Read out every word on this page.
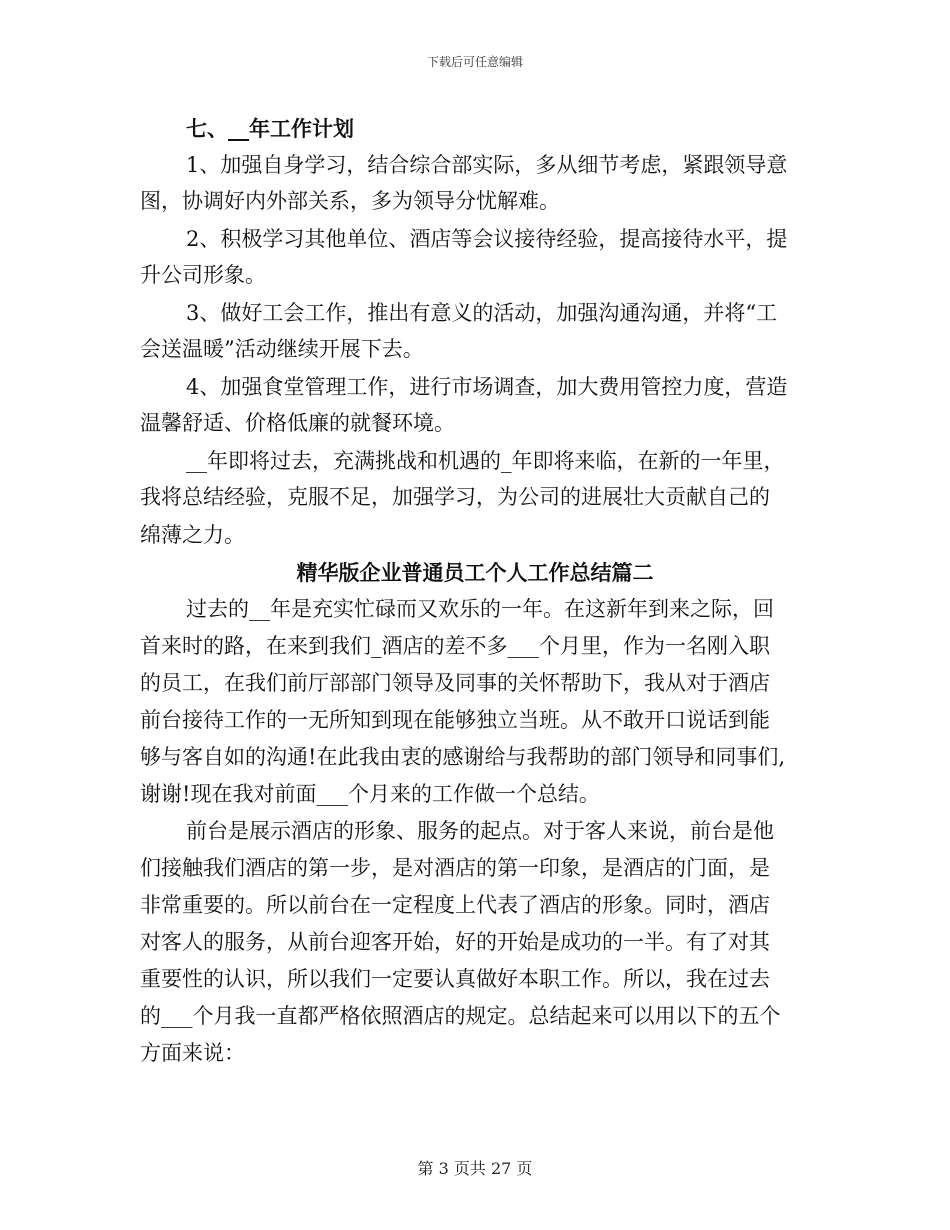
下载后可任意编辑
七、__年工作计划
1、加强自身学习，结合综合部实际，多从细节考虑，紧跟领导意
图，协调好内外部关系，多为领导分忧解难。
2、积极学习其他单位、酒店等会议接待经验，提高接待水平，提
升公司形象。
3、做好工会工作，推出有意义的活动，加强沟通沟通，并将“工
会送温暖”活动继续开展下去。
4、加强食堂管理工作，进行市场调查，加大费用管控力度，营造
温馨舒适、价格低廉的就餐环境。
__年即将过去，充满挑战和机遇的_年即将来临，在新的一年里，
我将总结经验，克服不足，加强学习，为公司的进展壮大贡献自己的
绵薄之力。
精华版企业普通员工个人工作总结篇二
过去的__年是充实忙碌而又欢乐的一年。在这新年到来之际，回
首来时的路，在来到我们_酒店的差不多___个月里，作为一名刚入职
的员工，在我们前厅部部门领导及同事的关怀帮助下，我从对于酒店
前台接待工作的一无所知到现在能够独立当班。从不敢开口说话到能
够与客自如的沟通!在此我由衷的感谢给与我帮助的部门领导和同事们,
谢谢!现在我对前面___个月来的工作做一个总结。
前台是展示酒店的形象、服务的起点。对于客人来说，前台是他
们接触我们酒店的第一步，是对酒店的第一印象，是酒店的门面，是
非常重要的。所以前台在一定程度上代表了酒店的形象。同时，酒店
对客人的服务，从前台迎客开始，好的开始是成功的一半。有了对其
重要性的认识，所以我们一定要认真做好本职工作。所以，我在过去
的___个月我一直都严格依照酒店的规定。总结起来可以用以下的五个
方面来说：
第 3 页共 27 页
